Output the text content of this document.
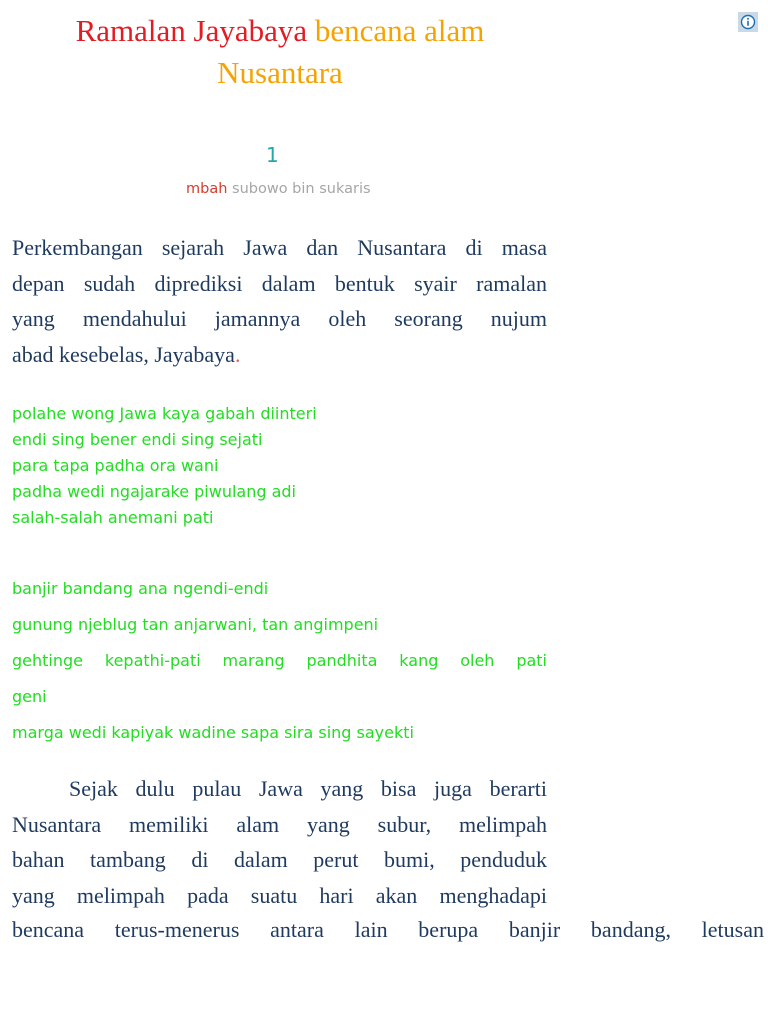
Ramalan Jayabaya bencana alam
Nusantara
1
mbah subowo bin sukaris
Perkembangan sejarah Jawa dan Nusantara di masa
depan sudah diprediksi dalam bentuk syair ramalan
yang mendahului jamannya oleh seorang nujum
abad kesebelas, Jayabaya.
polahe wong Jawa kaya gabah diinteri
endi sing bener endi sing sejati
para tapa padha ora wani
padha wedi ngajarake piwulang adi
salah-salah anemani pati
banjir bandang ana ngendi-endi
gunung njeblug tan anjarwani, tan angimpeni
gehtinge kepathi-pati marang pandhita kang oleh pati
geni
marga wedi kapiyak wadine sapa sira sing sayekti
Sejak dulu pulau Jawa yang bisa juga berarti
Nusantara memiliki alam yang subur, melimpah
bahan tambang di dalam perut bumi, penduduk
yang melimpah pada suatu hari akan menghadapi
bencana terus-menerus antara lain berupa banjir bandang, letusan
